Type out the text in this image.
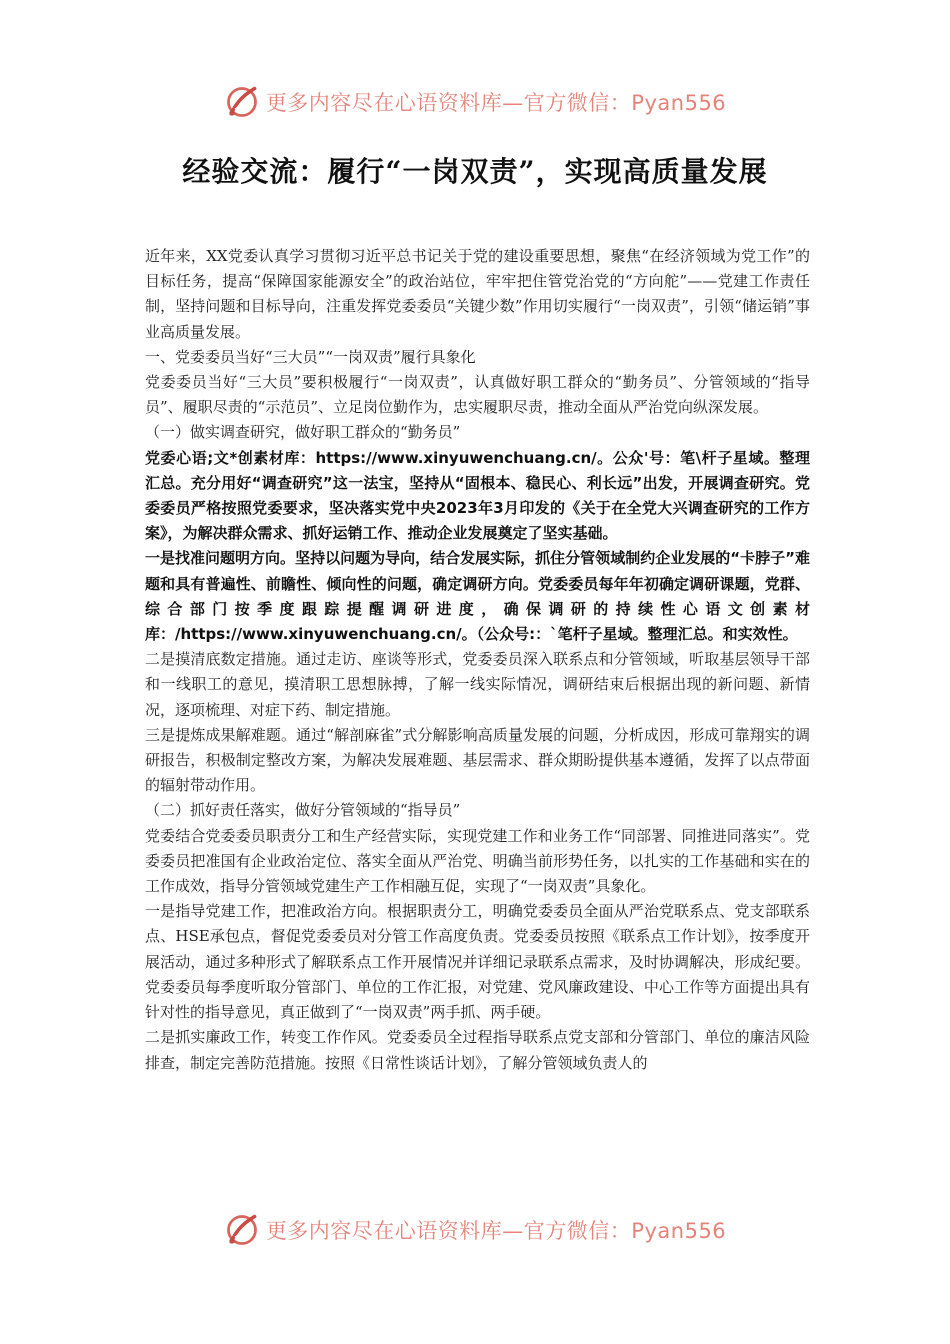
更多内容尽在心语资料库—官方微信：Pyan556
经验交流：履行“一岗双责”，实现高质量发展

近年来，XX党委认真学习贯彻习近平总书记关于党的建设重要思想，聚焦“在经济领域为党工作”的目标任务，提高“保障国家能源安全”的政治站位，牢牢把住管党治党的“方向舵”——党建工作责任制，坚持问题和目标导向，注重发挥党委委员“关键少数”作用切实履行“一岗双责”，引领“储运销”事业高质量发展。

一、党委委员当好“三大员”“一岗双责”履行具象化

党委委员当好“三大员”要积极履行“一岗双责”，认真做好职工群众的“勤务员”、分管领域的“指导员”、履职尽责的“示范员”、立足岗位勤作为，忠实履职尽责，推动全面从严治党向纵深发展。

（一）做实调查研究，做好职工群众的“勤务员”

党委心语;文*创素材库：https://www.xinyuwenchuang.cn/。公众'号：笔\杆子星域。整理汇总。充分用好“调查研究”这一法宝，坚持从“固根本、稳民心、利长远”出发，开展调查研究。党委委员严格按照党委要求，坚决落实党中央2023年3月印发的《关于在全党大兴调查研究的工作方案》，为解决群众需求、抓好运销工作、推动企业发展奠定了坚实基础。

一是找准问题明方向。坚持以问题为导向，结合发展实际，抓住分管领域制约企业发展的“卡脖子”难题和具有普遍性、前瞻性、倾向性的问题，确定调研方向。党委委员每年年初确定调研课题，党群、综合部门按季度跟踪提醒调研进度，确保调研的持续性心语文创素材库：/https://www.xinyuwenchuang.cn/。（公众号:：`笔杆子星域。整理汇总。和实效性。

二是摸清底数定措施。通过走访、座谈等形式，党委委员深入联系点和分管领域，听取基层领导干部和一线职工的意见，摸清职工思想脉搏，了解一线实际情况，调研结束后根据出现的新问题、新情况，逐项梳理、对症下药、制定措施。

三是提炼成果解难题。通过“解剖麻雀”式分解影响高质量发展的问题，分析成因，形成可靠翔实的调研报告，积极制定整改方案，为解决发展难题、基层需求、群众期盼提供基本遵循，发挥了以点带面的辐射带动作用。

（二）抓好责任落实，做好分管领域的“指导员”

党委结合党委委员职责分工和生产经营实际，实现党建工作和业务工作“同部署、同推进同落实”。党委委员把准国有企业政治定位、落实全面从严治党、明确当前形势任务，以扎实的工作基础和实在的工作成效，指导分管领域党建生产工作相融互促，实现了“一岗双责”具象化。

一是指导党建工作，把准政治方向。根据职责分工，明确党委委员全面从严治党联系点、党支部联系点、HSE承包点，督促党委委员对分管工作高度负责。党委委员按照《联系点工作计划》，按季度开展活动，通过多种形式了解联系点工作开展情况并详细记录联系点需求，及时协调解决，形成纪要。党委委员每季度听取分管部门、单位的工作汇报，对党建、党风廉政建设、中心工作等方面提出具有针对性的指导意见，真正做到了“一岗双责”两手抓、两手硬。

二是抓实廉政工作，转变工作作风。党委委员全过程指导联系点党支部和分管部门、单位的廉洁风险排查，制定完善防范措施。按照《日常性谈话计划》，了解分管领域负责人的

更多内容尽在心语资料库—官方微信：Pyan556
